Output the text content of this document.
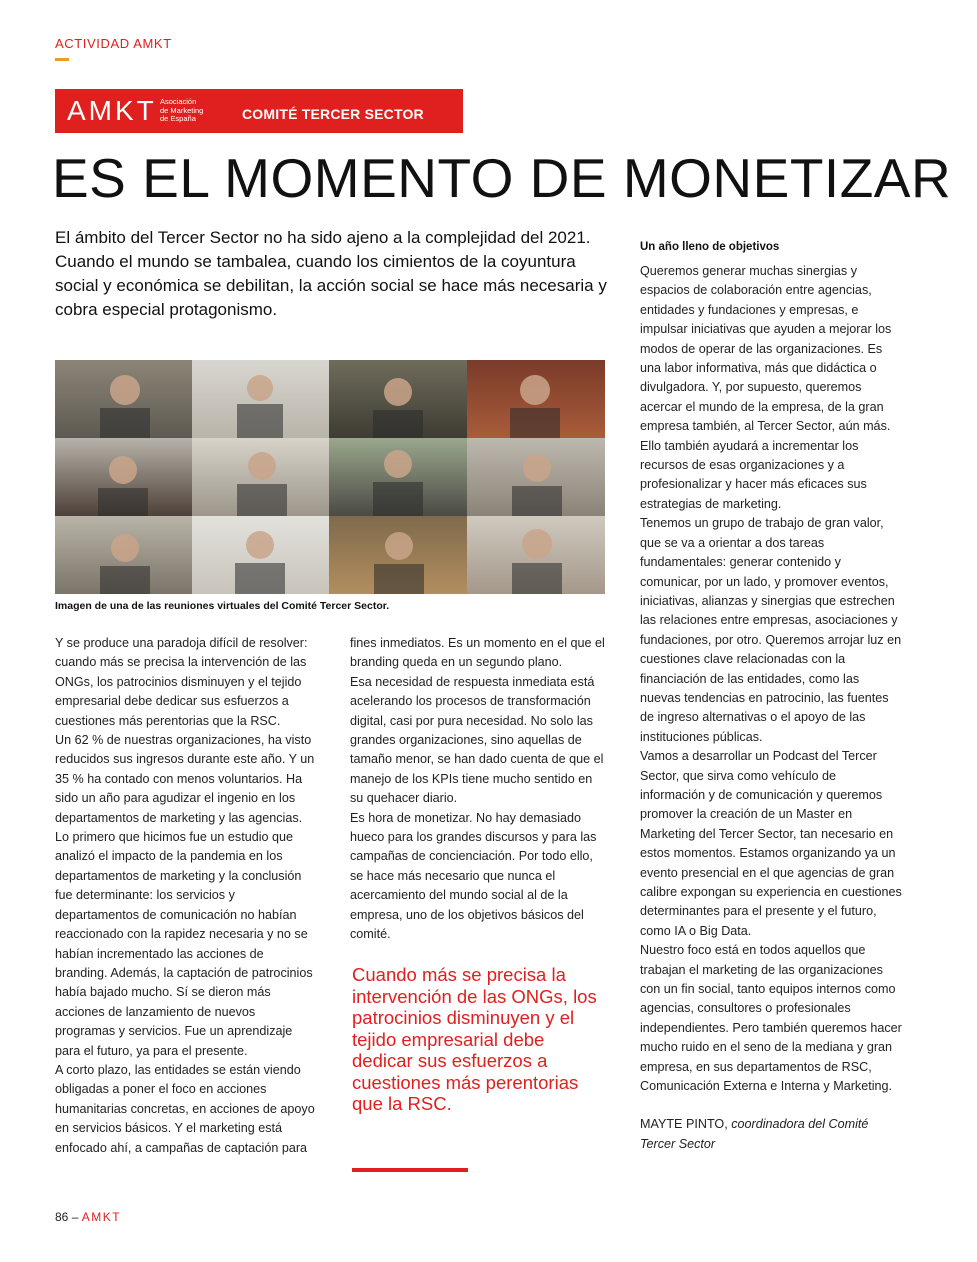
ACTIVIDAD AMKT
AMKT Asociación
de Marketing
de España	COMITÉ TERCER SECTOR
ES EL MOMENTO DE MONETIZAR

El ámbito del Tercer Sector no ha sido ajeno a la complejidad del 2021. Cuando el mundo se tambalea, cuando los cimientos de la coyuntura social y económica se debilitan, la acción social se hace más necesaria y cobra especial protagonismo.

Imagen de una de las reuniones virtuales del Comité Tercer Sector.

Y se produce una paradoja difícil de resolver: cuando más se precisa la intervención de las ONGs, los patrocinios disminuyen y el tejido empresarial debe dedicar sus esfuerzos a cuestiones más perentorias que la RSC.

Un 62 % de nuestras organizaciones, ha visto reducidos sus ingresos durante este año. Y un 35 % ha contado con menos voluntarios. Ha sido un año para agudizar el ingenio en los departamentos de marketing y las agencias.

Lo primero que hicimos fue un estudio que analizó el impacto de la pandemia en los departamentos de marketing y la conclusión fue determinante: los servicios y departamentos de comunicación no habían reaccionado con la rapidez necesaria y no se habían incrementado las acciones de branding. Además, la captación de patrocinios había bajado mucho. Sí se dieron más acciones de lanzamiento de nuevos programas y servicios. Fue un aprendizaje para el futuro, ya para el presente.

A corto plazo, las entidades se están viendo obligadas a poner el foco en acciones humanitarias concretas, en acciones de apoyo en servicios básicos. Y el marketing está enfocado ahí, a campañas de captación para

fines inmediatos. Es un momento en el que el branding queda en un segundo plano.

Esa necesidad de respuesta inmediata está acelerando los procesos de transformación digital, casi por pura necesidad. No solo las grandes organizaciones, sino aquellas de tamaño menor, se han dado cuenta de que el manejo de los KPIs tiene mucho sentido en su quehacer diario.

Es hora de monetizar. No hay demasiado hueco para los grandes discursos y para las campañas de concienciación. Por todo ello, se hace más necesario que nunca el acercamiento del mundo social al de la empresa, uno de los objetivos básicos del comité.

Cuando más se precisa la intervención de las ONGs, los patrocinios disminuyen y el tejido empresarial debe dedicar sus esfuerzos a cuestiones más perentorias que la RSC.

Un año lleno de objetivos

Queremos generar muchas sinergias y espacios de colaboración entre agencias, entidades y fundaciones y empresas, e impulsar iniciativas que ayuden a mejorar los modos de operar de las organizaciones. Es una labor informativa, más que didáctica o divulgadora. Y, por supuesto, queremos acercar el mundo de la empresa, de la gran empresa también, al Tercer Sector, aún más. Ello también ayudará a incrementar los recursos de esas organizaciones y a profesionalizar y hacer más eficaces sus estrategias de marketing.

Tenemos un grupo de trabajo de gran valor, que se va a orientar a dos tareas fundamentales: generar contenido y comunicar, por un lado, y promover eventos, iniciativas, alianzas y sinergias que estrechen las relaciones entre empresas, asociaciones y fundaciones, por otro. Queremos arrojar luz en cuestiones clave relacionadas con la financiación de las entidades, como las nuevas tendencias en patrocinio, las fuentes de ingreso alternativas o el apoyo de las instituciones públicas.

Vamos a desarrollar un Podcast del Tercer Sector, que sirva como vehículo de información y de comunicación y queremos promover la creación de un Master en Marketing del Tercer Sector, tan necesario en estos momentos. Estamos organizando ya un evento presencial en el que agencias de gran calibre expongan su experiencia en cuestiones determinantes para el presente y el futuro, como IA o Big Data.

Nuestro foco está en todos aquellos que trabajan el marketing de las organizaciones con un fin social, tanto equipos internos como agencias, consultores o profesionales independientes. Pero también queremos hacer mucho ruido en el seno de la mediana y gran empresa, en sus departamentos de RSC, Comunicación Externa e Interna y Marketing.

MAYTE PINTO, coordinadora del Comité Tercer Sector

86 – AMKT
